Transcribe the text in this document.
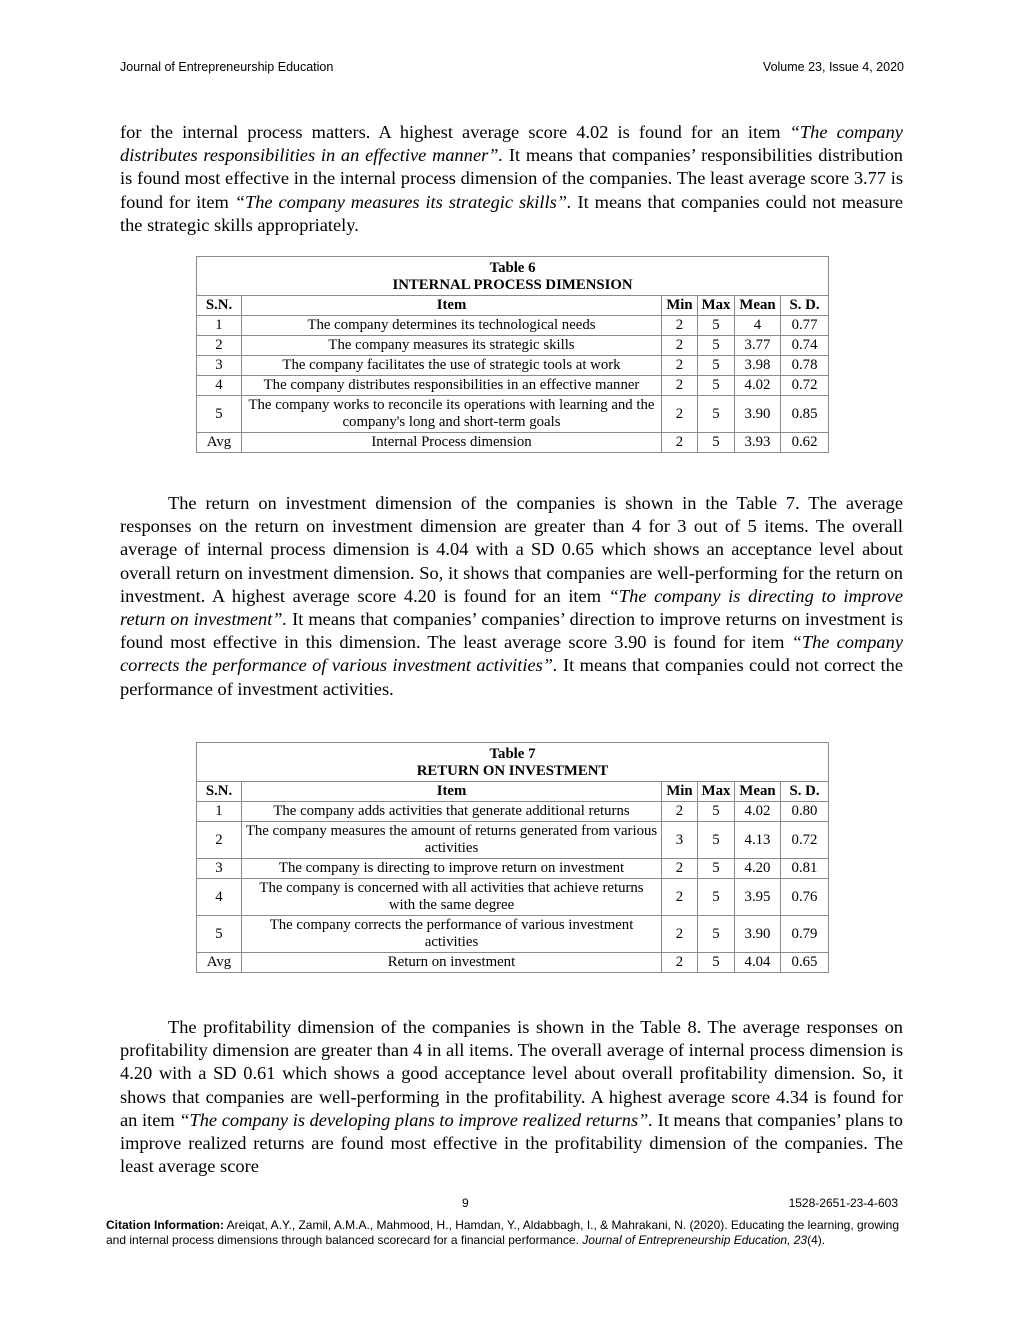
Journal of Entrepreneurship Education	Volume 23, Issue 4, 2020

for the internal process matters. A highest average score 4.02 is found for an item “The company distributes responsibilities in an effective manner”. It means that companies’ responsibilities distribution is found most effective in the internal process dimension of the companies. The least average score 3.77 is found for item “The company measures its strategic skills”. It means that companies could not measure the strategic skills appropriately.

Table 6
INTERNAL PROCESS DIMENSION					
S.N.	Item	Min	Max	Mean	S. D.
1	The company determines its technological needs	2	5	4	0.77
2	The company measures its strategic skills	2	5	3.77	0.74
3	The company facilitates the use of strategic tools at work	2	5	3.98	0.78
4	The company distributes responsibilities in an effective manner	2	5	4.02	0.72
5	The company works to reconcile its operations with learning and the company's long and short-term goals	2	5	3.90	0.85
Avg	Internal Process dimension	2	5	3.93	0.62

The return on investment dimension of the companies is shown in the Table 7. The average responses on the return on investment dimension are greater than 4 for 3 out of 5 items. The overall average of internal process dimension is 4.04 with a SD 0.65 which shows an acceptance level about overall return on investment dimension. So, it shows that companies are well-performing for the return on investment. A highest average score 4.20 is found for an item “The company is directing to improve return on investment”. It means that companies’ companies’ direction to improve returns on investment is found most effective in this dimension. The least average score 3.90 is found for item “The company corrects the performance of various investment activities”. It means that companies could not correct the performance of investment activities.

Table 7
RETURN ON INVESTMENT					
S.N.	Item	Min	Max	Mean	S. D.
1	The company adds activities that generate additional returns	2	5	4.02	0.80
2	The company measures the amount of returns generated from various activities	3	5	4.13	0.72
3	The company is directing to improve return on investment	2	5	4.20	0.81
4	The company is concerned with all activities that achieve returns with the same degree	2	5	3.95	0.76
5	The company corrects the performance of various investment activities	2	5	3.90	0.79
Avg	Return on investment	2	5	4.04	0.65

The profitability dimension of the companies is shown in the Table 8. The average responses on profitability dimension are greater than 4 in all items. The overall average of internal process dimension is 4.20 with a SD 0.61 which shows a good acceptance level about overall profitability dimension. So, it shows that companies are well-performing in the profitability. A highest average score 4.34 is found for an item “The company is developing plans to improve realized returns”. It means that companies’ plans to improve realized returns are found most effective in the profitability dimension of the companies. The least average score

9	1528-2651-23-4-603

Citation Information: Areiqat, A.Y., Zamil, A.M.A., Mahmood, H., Hamdan, Y., Aldabbagh, I., & Mahrakani, N. (2020). Educating the learning, growing and internal process dimensions through balanced scorecard for a financial performance. Journal of Entrepreneurship Education, 23(4).
